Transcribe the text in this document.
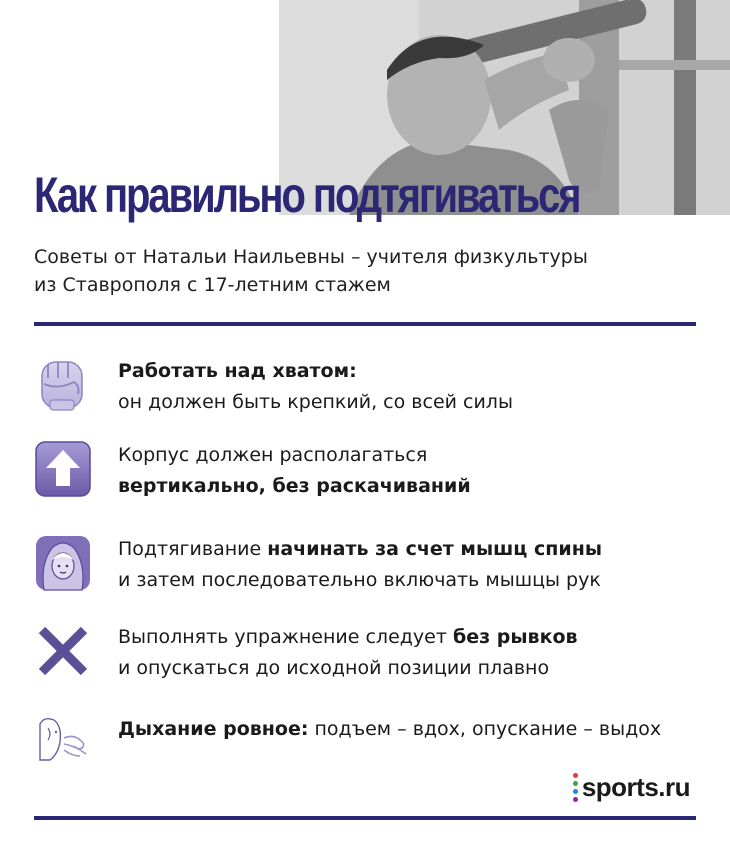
Как правильно подтягиваться
Советы от Натальи Наильевны – учителя физкультуры
из Ставрополя с 17-летним стажем
Работать над хватом:
он должен быть крепкий, со всей силы
Корпус должен располагаться
вертикально, без раскачиваний
Подтягивание начинать за счет мышц спины
и затем последовательно включать мышцы рук
Выполнять упражнение следует без рывков
и опускаться до исходной позиции плавно
Дыхание ровное: подъем – вдох, опускание – выдох
sports.ru
